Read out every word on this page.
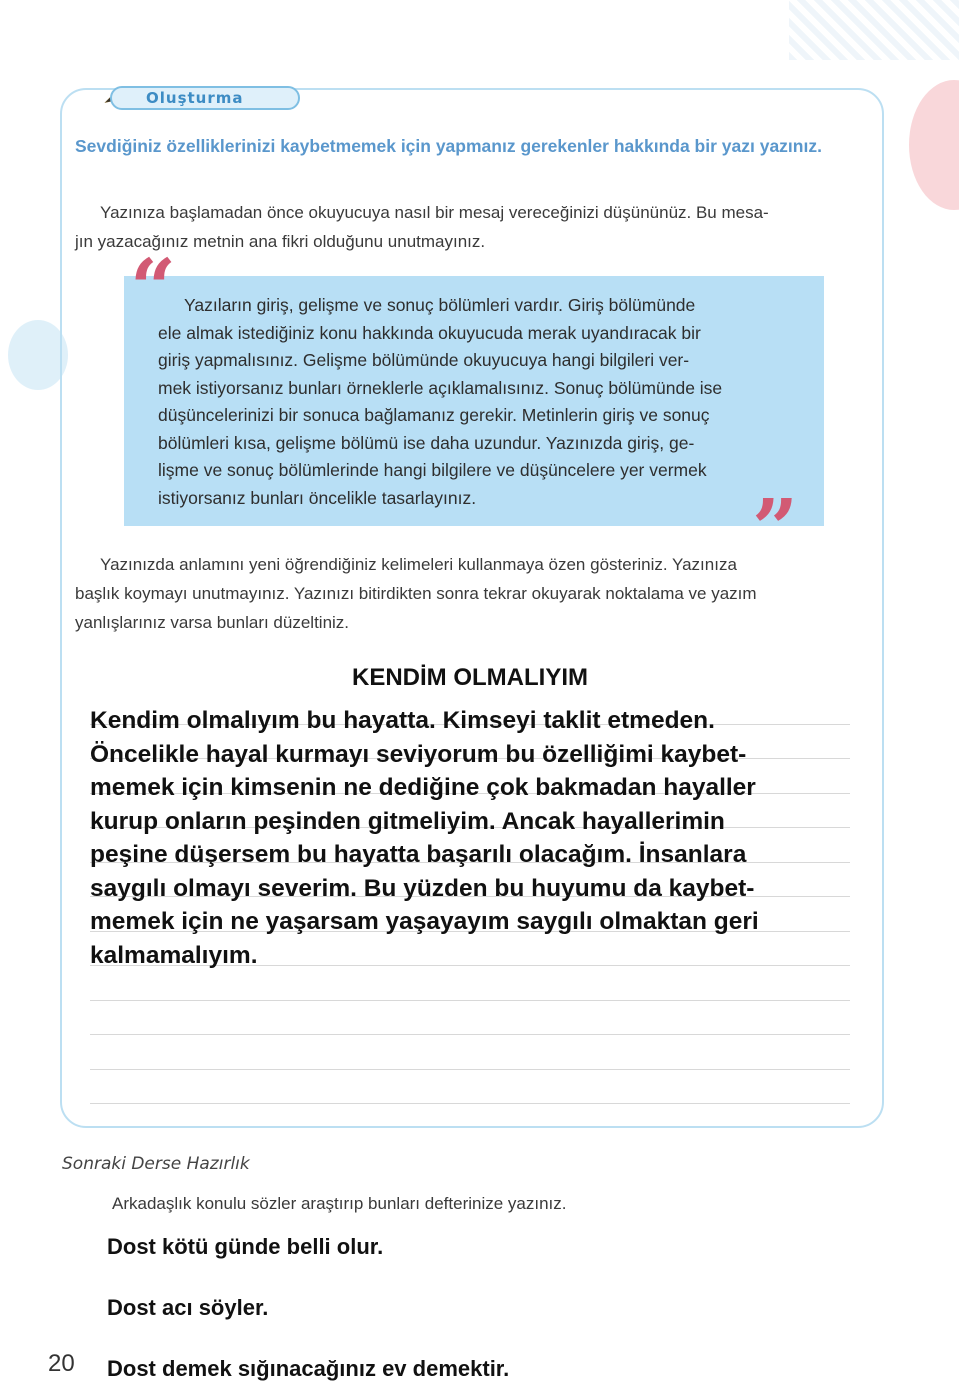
Oluşturma
Sevdiğiniz özelliklerinizi kaybetmemek için yapmanız gerekenler hakkında bir yazı yazınız.
Yazınıza başlamadan önce okuyucuya nasıl bir mesaj vereceğinizi düşününüz. Bu mesa-
jın yazacağınız metnin ana fikri olduğunu unutmayınız.
“ Yazıların giriş, gelişme ve sonuç bölümleri vardır. Giriş bölümünde
ele almak istediğiniz konu hakkında okuyucuda merak uyandıracak bir
giriş yapmalısınız. Gelişme bölümünde okuyucuya hangi bilgileri ver-
mek istiyorsanız bunları örneklerle açıklamalısınız. Sonuç bölümünde ise
düşüncelerinizi bir sonuca bağlamanız gerekir. Metinlerin giriş ve sonuç
bölümleri kısa, gelişme bölümü ise daha uzundur. Yazınızda giriş, ge-
lişme ve sonuç bölümlerinde hangi bilgilere ve düşüncelere yer vermek
istiyorsanız bunları öncelikle tasarlayınız.	”
Yazınızda anlamını yeni öğrendiğiniz kelimeleri kullanmaya özen gösteriniz. Yazınıza
başlık koymayı unutmayınız. Yazınızı bitirdikten sonra tekrar okuyarak noktalama ve yazım
yanlışlarınız varsa bunları düzeltiniz.
KENDİM OLMALIYIM
Kendim olmalıyım bu hayatta. Kimseyi taklit etmeden.
Öncelikle hayal kurmayı seviyorum bu özelliğimi kaybet-
memek için kimsenin ne dediğine çok bakmadan hayaller
kurup onların peşinden gitmeliyim. Ancak hayallerimin
peşine düşersem bu hayatta başarılı olacağım. İnsanlara
saygılı olmayı severim. Bu yüzden bu huyumu da kaybet-
memek için ne yaşarsam yaşayayım saygılı olmaktan geri
kalmamalıyım.
Sonraki Derse Hazırlık
Arkadaşlık konulu sözler araştırıp bunları defterinize yazınız.
Dost kötü günde belli olur.
Dost acı söyler.
Dost demek sığınacağınız ev demektir.
20
